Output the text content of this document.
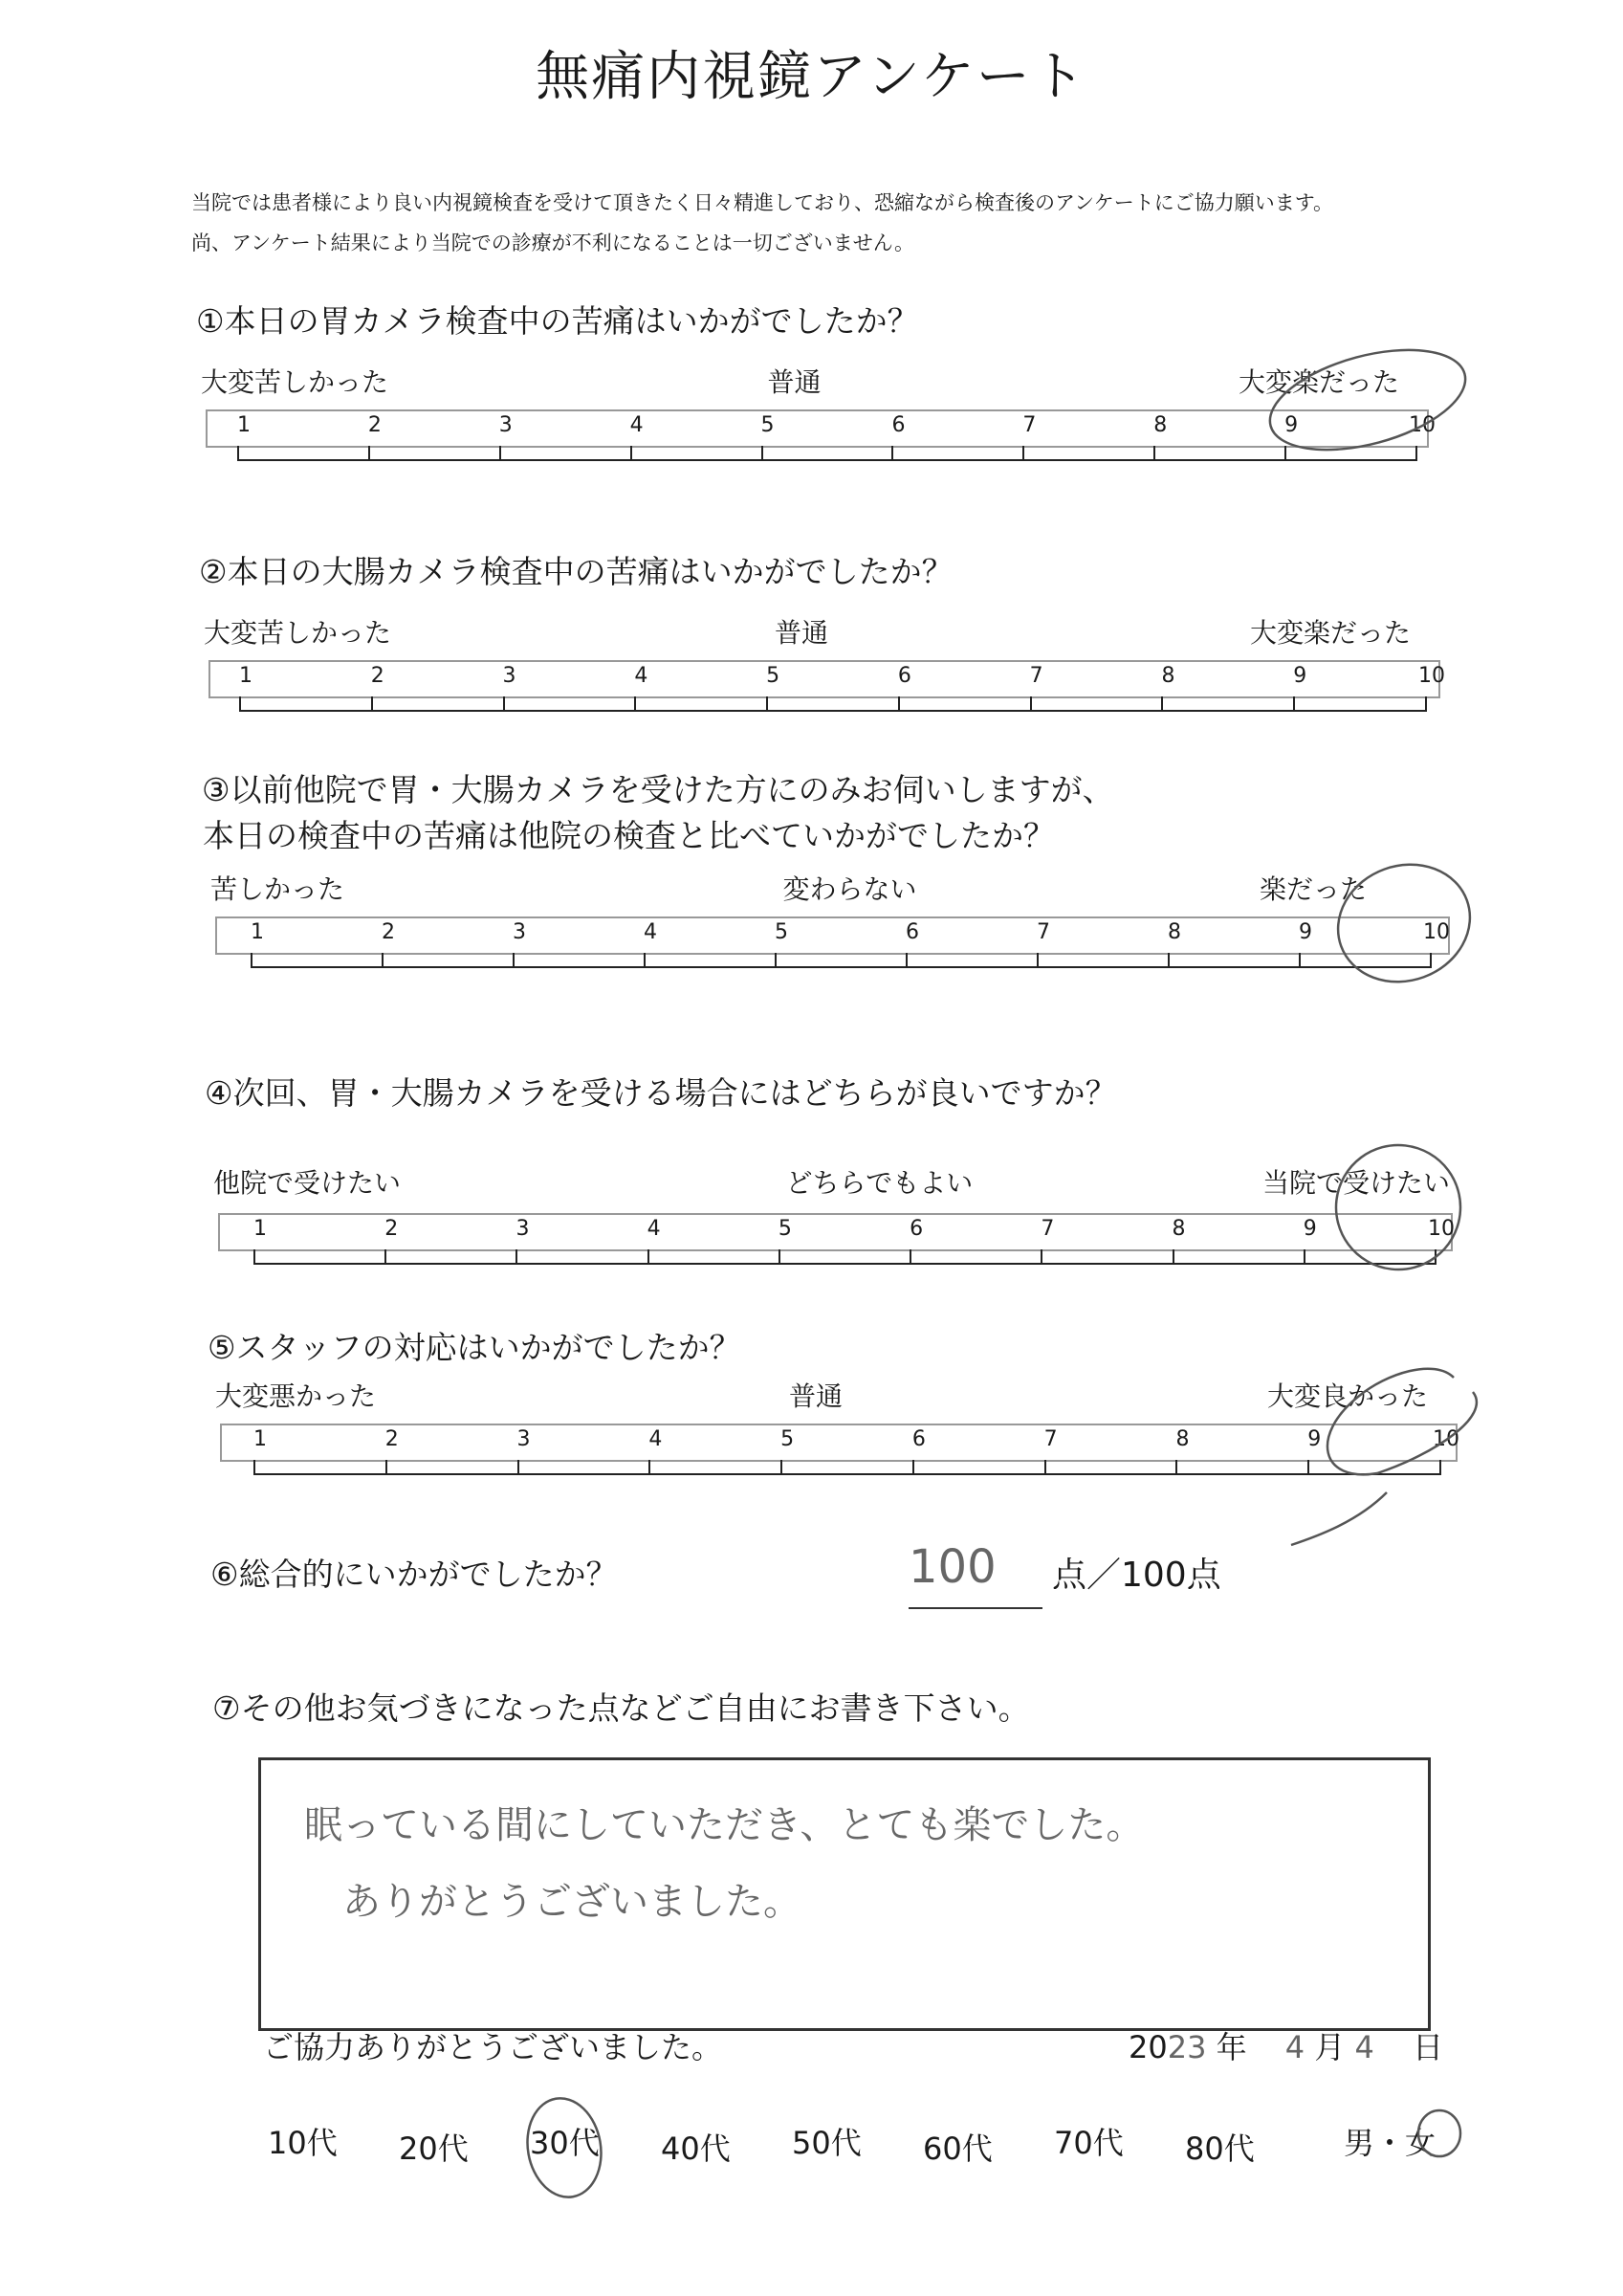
無痛内視鏡アンケート
当院では患者様により良い内視鏡検査を受けて頂きたく日々精進しており、恐縮ながら検査後のアンケートにご協力願います。
尚、アンケート結果により当院での診療が不利になることは一切ございません。
①本日の胃カメラ検査中の苦痛はいかがでしたか？
大変苦しかった	普通	大変楽だった
1	2	3	4	5	6	7	8	9	10
②本日の大腸カメラ検査中の苦痛はいかがでしたか？
大変苦しかった	普通	大変楽だった
1	2	3	4	5	6	7	8	9	10
③以前他院で胃・大腸カメラを受けた方にのみお伺いしますが、
本日の検査中の苦痛は他院の検査と比べていかがでしたか？
苦しかった	変わらない	楽だった
1	2	3	4	5	6	7	8	9	10
④次回、胃・大腸カメラを受ける場合にはどちらが良いですか？
他院で受けたい	どちらでもよい	当院で受けたい
1	2	3	4	5	6	7	8	9	10
⑤スタッフの対応はいかがでしたか？
大変悪かった	普通	大変良かった
1	2	3	4	5	6	7	8	9	10
⑥総合的にいかがでしたか？	100 点／100点
⑦その他お気づきになった点などご自由にお書き下さい。
眠っている間にしていただき、とても楽でした。
ありがとうございました。
ご協力ありがとうございました。	2023 年 4 月 4 日
10代 20代 30代 40代 50代 60代 70代 80代	男・女
